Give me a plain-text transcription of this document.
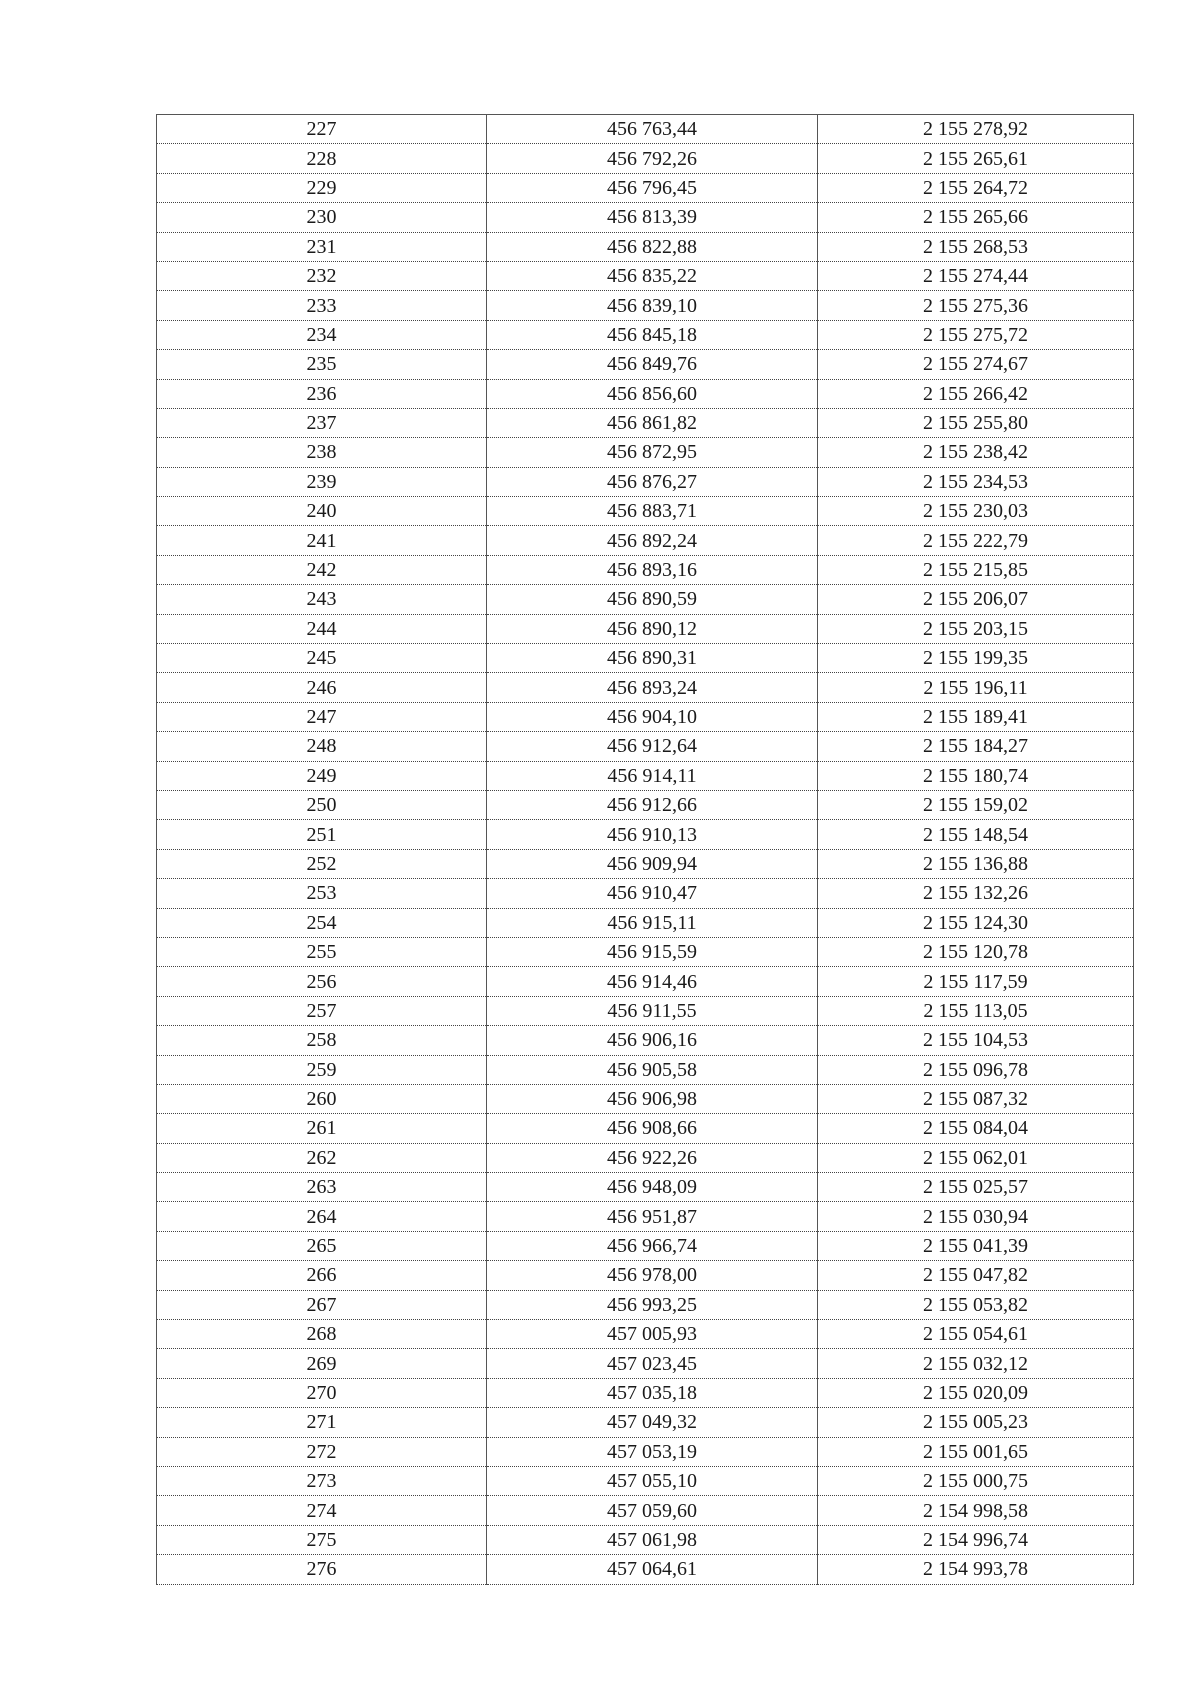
227	456 763,44	2 155 278,92
228	456 792,26	2 155 265,61
229	456 796,45	2 155 264,72
230	456 813,39	2 155 265,66
231	456 822,88	2 155 268,53
232	456 835,22	2 155 274,44
233	456 839,10	2 155 275,36
234	456 845,18	2 155 275,72
235	456 849,76	2 155 274,67
236	456 856,60	2 155 266,42
237	456 861,82	2 155 255,80
238	456 872,95	2 155 238,42
239	456 876,27	2 155 234,53
240	456 883,71	2 155 230,03
241	456 892,24	2 155 222,79
242	456 893,16	2 155 215,85
243	456 890,59	2 155 206,07
244	456 890,12	2 155 203,15
245	456 890,31	2 155 199,35
246	456 893,24	2 155 196,11
247	456 904,10	2 155 189,41
248	456 912,64	2 155 184,27
249	456 914,11	2 155 180,74
250	456 912,66	2 155 159,02
251	456 910,13	2 155 148,54
252	456 909,94	2 155 136,88
253	456 910,47	2 155 132,26
254	456 915,11	2 155 124,30
255	456 915,59	2 155 120,78
256	456 914,46	2 155 117,59
257	456 911,55	2 155 113,05
258	456 906,16	2 155 104,53
259	456 905,58	2 155 096,78
260	456 906,98	2 155 087,32
261	456 908,66	2 155 084,04
262	456 922,26	2 155 062,01
263	456 948,09	2 155 025,57
264	456 951,87	2 155 030,94
265	456 966,74	2 155 041,39
266	456 978,00	2 155 047,82
267	456 993,25	2 155 053,82
268	457 005,93	2 155 054,61
269	457 023,45	2 155 032,12
270	457 035,18	2 155 020,09
271	457 049,32	2 155 005,23
272	457 053,19	2 155 001,65
273	457 055,10	2 155 000,75
274	457 059,60	2 154 998,58
275	457 061,98	2 154 996,74
276	457 064,61	2 154 993,78
